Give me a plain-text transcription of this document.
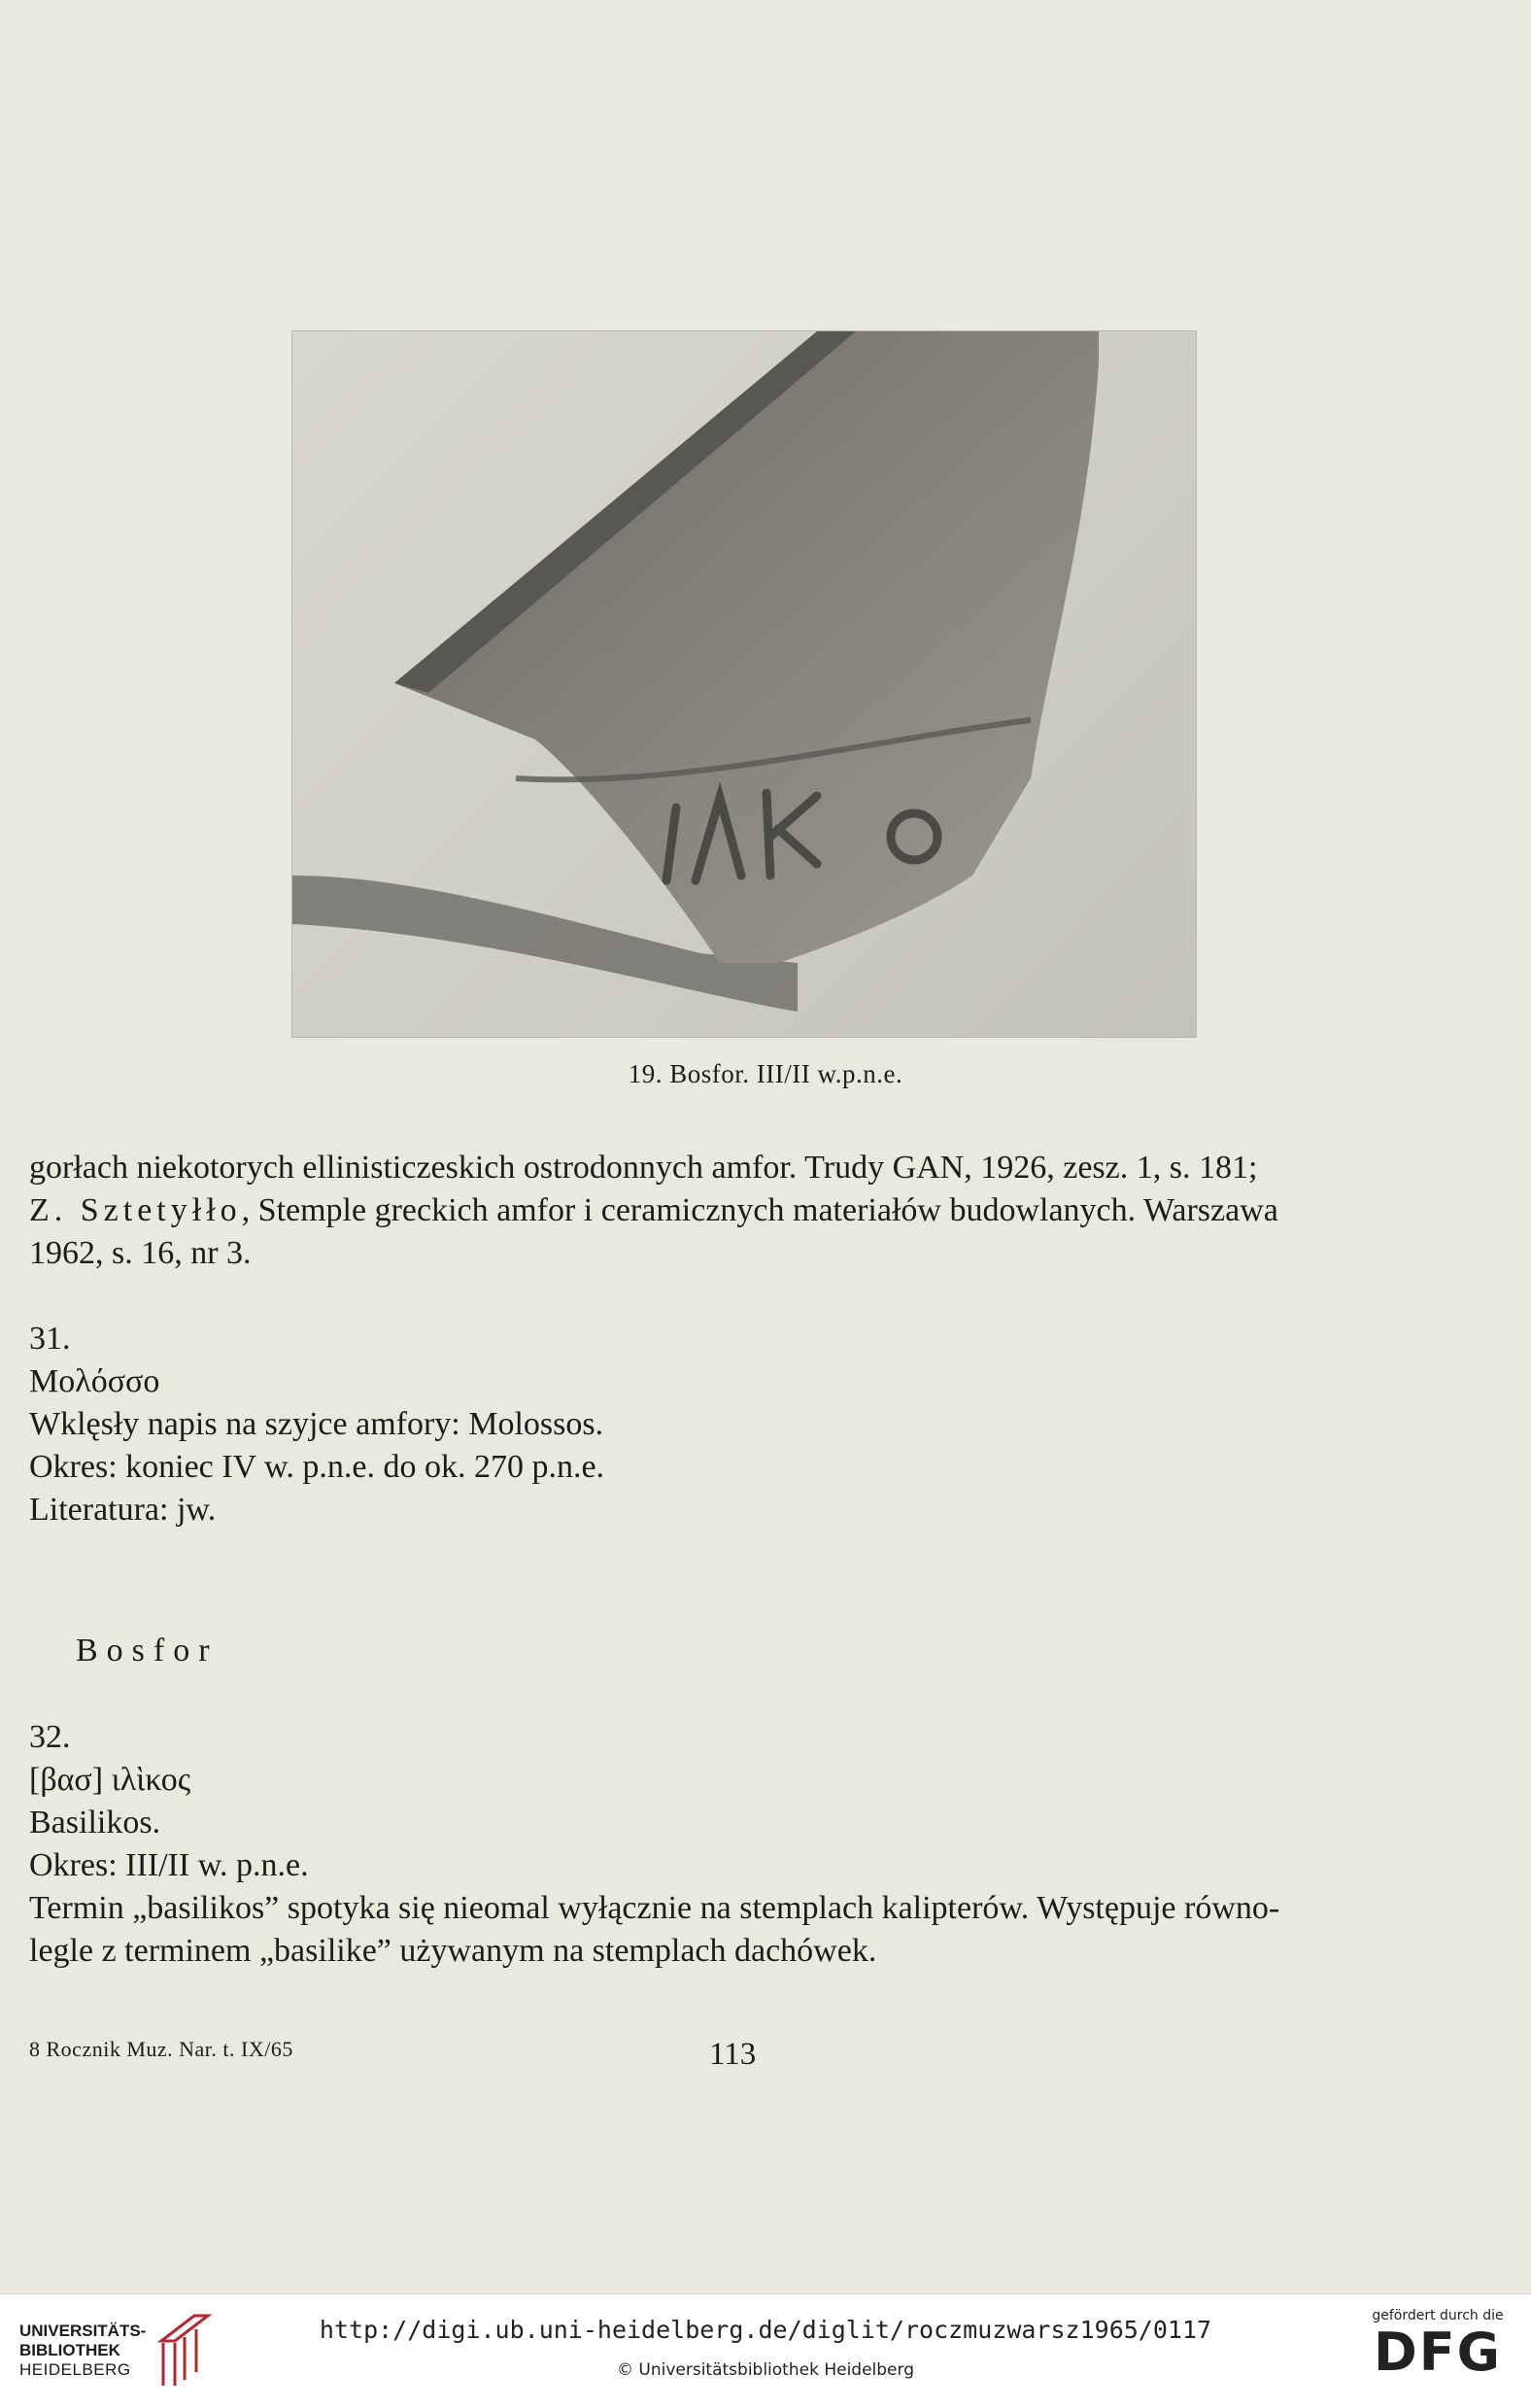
19. Bosfor. III/II w.p.n.e.
gorłach niekotorych ellinisticzeskich ostrodonnych amfor. Trudy GAN, 1926, zesz. 1, s. 181;
Z. Sztetyłło, Stemple greckich amfor i ceramicznych materiałów budowlanych. Warszawa
1962, s. 16, nr 3.
31.
Μολόσσο
Wklęsły napis na szyjce amfory: Molossos.
Okres: koniec IV w. p.n.e. do ok. 270 p.n.e.
Literatura: jw.
Bosfor
32.
[βασ] ιλὶκος
Basilikos.
Okres: III/II w. p.n.e.
Termin „basilikos” spotyka się nieomal wyłącznie na stemplach kalipterów. Występuje równo-
legle z terminem „basilike” używanym na stemplach dachówek.
8 Rocznik Muz. Nar. t. IX/65	113
UNIVERSITÄTS-
BIBLIOTHEK
HEIDELBERG
http://digi.ub.uni-heidelberg.de/diglit/roczmuzwarsz1965/0117
© Universitätsbibliothek Heidelberg
gefördert durch die
DFG
